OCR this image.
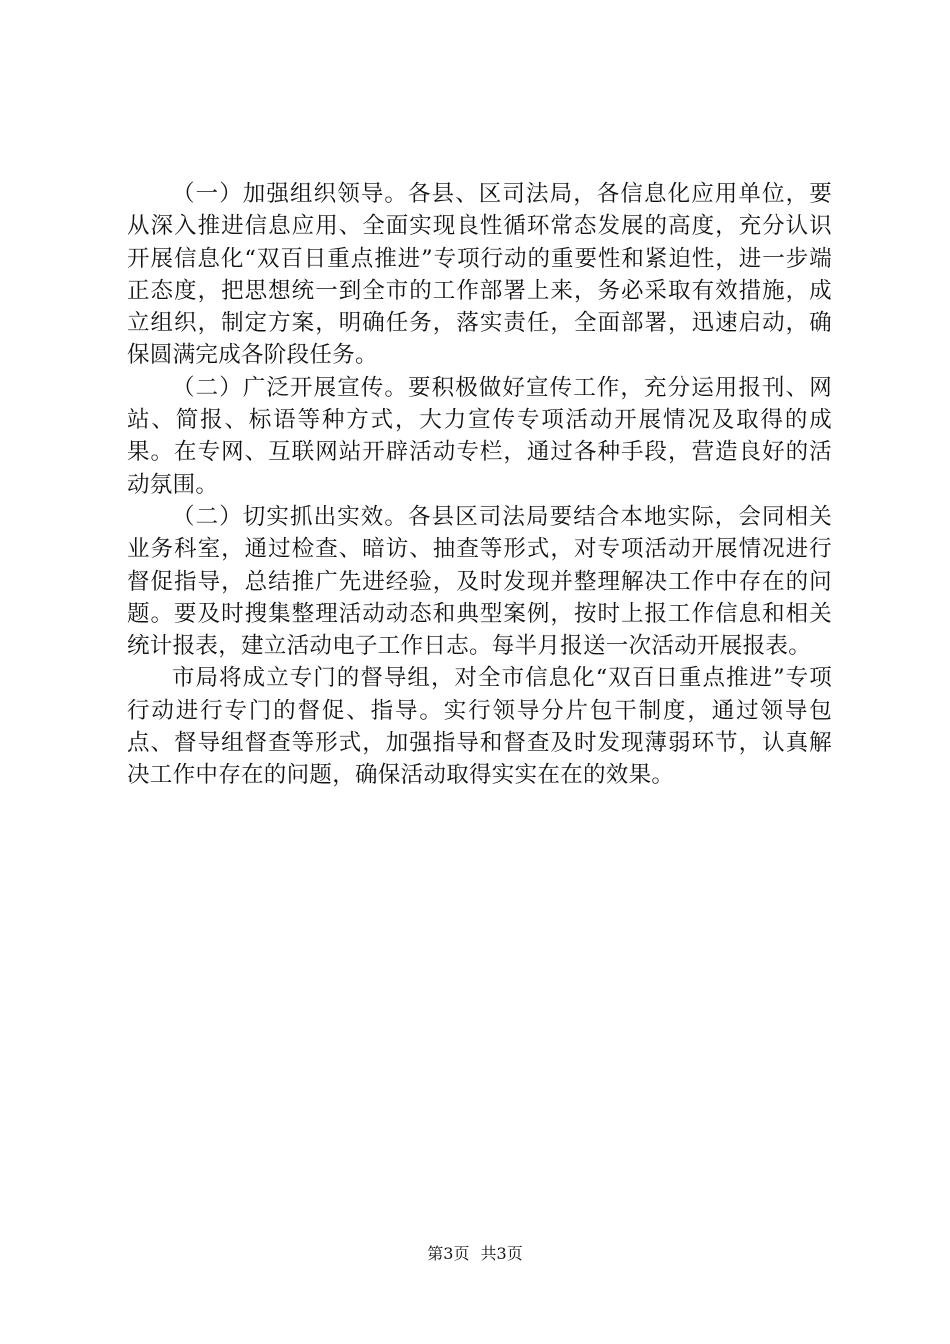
（一）加强组织领导。各县、区司法局，各信息化应用单位，要从深入推进信息应用、全面实现良性循环常态发展的高度，充分认识开展信息化“双百日重点推进”专项行动的重要性和紧迫性，进一步端正态度，把思想统一到全市的工作部署上来，务必采取有效措施，成立组织，制定方案，明确任务，落实责任，全面部署，迅速启动，确保圆满完成各阶段任务。

（二）广泛开展宣传。要积极做好宣传工作，充分运用报刊、网站、简报、标语等种方式，大力宣传专项活动开展情况及取得的成果。在专网、互联网站开辟活动专栏，通过各种手段，营造良好的活动氛围。

（二）切实抓出实效。各县区司法局要结合本地实际，会同相关业务科室，通过检查、暗访、抽查等形式，对专项活动开展情况进行督促指导，总结推广先进经验，及时发现并整理解决工作中存在的问题。要及时搜集整理活动动态和典型案例，按时上报工作信息和相关统计报表，建立活动电子工作日志。每半月报送一次活动开展报表。

市局将成立专门的督导组，对全市信息化“双百日重点推进”专项行动进行专门的督促、指导。实行领导分片包干制度，通过领导包点、督导组督查等形式，加强指导和督查及时发现薄弱环节，认真解决工作中存在的问题，确保活动取得实实在在的效果。

第3页 共3页
